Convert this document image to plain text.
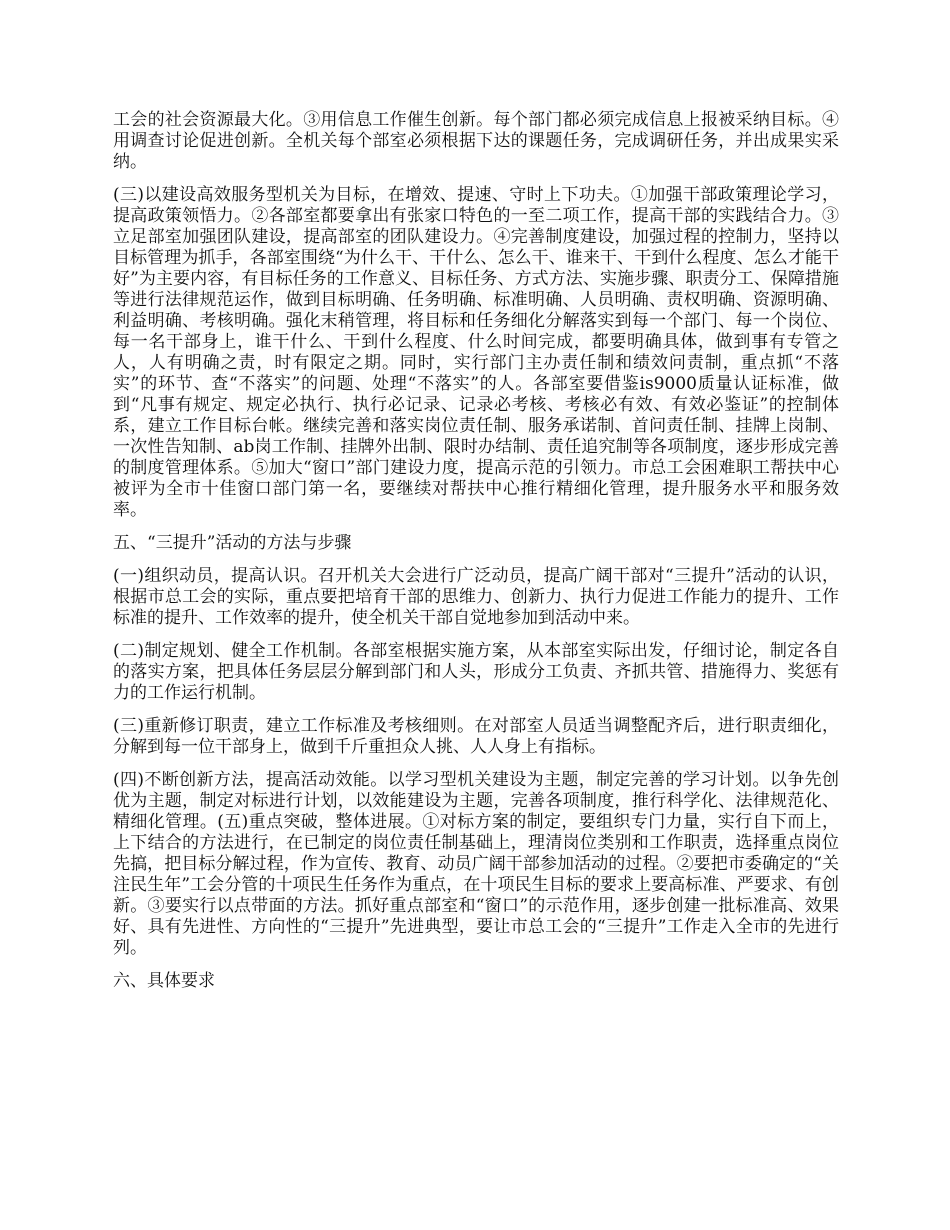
工会的社会资源最大化。③用信息工作催生创新。每个部门都必须完成信息上报被采纳目标。④用调查讨论促进创新。全机关每个部室必须根据下达的课题任务，完成调研任务，并出成果实采纳。

(三)以建设高效服务型机关为目标，在增效、提速、守时上下功夫。①加强干部政策理论学习，提高政策领悟力。②各部室都要拿出有张家口特色的一至二项工作，提高干部的实践结合力。③立足部室加强团队建设，提高部室的团队建设力。④完善制度建设，加强过程的控制力，坚持以目标管理为抓手，各部室围绕“为什么干、干什么、怎么干、谁来干、干到什么程度、怎么才能干好”为主要内容，有目标任务的工作意义、目标任务、方式方法、实施步骤、职责分工、保障措施等进行法律规范运作，做到目标明确、任务明确、标准明确、人员明确、责权明确、资源明确、利益明确、考核明确。强化末稍管理，将目标和任务细化分解落实到每一个部门、每一个岗位、每一名干部身上，谁干什么、干到什么程度、什么时间完成，都要明确具体，做到事有专管之人，人有明确之责，时有限定之期。同时，实行部门主办责任制和绩效问责制，重点抓“不落实”的环节、查“不落实”的问题、处理“不落实”的人。各部室要借鉴is9000质量认证标准，做到“凡事有规定、规定必执行、执行必记录、记录必考核、考核必有效、有效必鉴证”的控制体系，建立工作目标台帐。继续完善和落实岗位责任制、服务承诺制、首问责任制、挂牌上岗制、一次性告知制、ab岗工作制、挂牌外出制、限时办结制、责任追究制等各项制度，逐步形成完善的制度管理体系。⑤加大“窗口”部门建设力度，提高示范的引领力。市总工会困难职工帮扶中心被评为全市十佳窗口部门第一名，要继续对帮扶中心推行精细化管理，提升服务水平和服务效率。

五、“三提升”活动的方法与步骤

(一)组织动员，提高认识。召开机关大会进行广泛动员，提高广阔干部对“三提升”活动的认识，根据市总工会的实际，重点要把培育干部的思维力、创新力、执行力促进工作能力的提升、工作标准的提升、工作效率的提升，使全机关干部自觉地参加到活动中来。

(二)制定规划、健全工作机制。各部室根据实施方案，从本部室实际出发，仔细讨论，制定各自的落实方案，把具体任务层层分解到部门和人头，形成分工负责、齐抓共管、措施得力、奖惩有力的工作运行机制。

(三)重新修订职责，建立工作标准及考核细则。在对部室人员适当调整配齐后，进行职责细化，分解到每一位干部身上，做到千斤重担众人挑、人人身上有指标。

(四)不断创新方法，提高活动效能。以学习型机关建设为主题，制定完善的学习计划。以争先创优为主题，制定对标进行计划，以效能建设为主题，完善各项制度，推行科学化、法律规范化、精细化管理。(五)重点突破，整体进展。①对标方案的制定，要组织专门力量，实行自下而上，上下结合的方法进行，在已制定的岗位责任制基础上，理清岗位类别和工作职责，选择重点岗位先搞，把目标分解过程，作为宣传、教育、动员广阔干部参加活动的过程。②要把市委确定的“关注民生年”工会分管的十项民生任务作为重点，在十项民生目标的要求上要高标准、严要求、有创新。③要实行以点带面的方法。抓好重点部室和“窗口”的示范作用，逐步创建一批标准高、效果好、具有先进性、方向性的“三提升”先进典型，要让市总工会的“三提升”工作走入全市的先进行列。

六、具体要求
